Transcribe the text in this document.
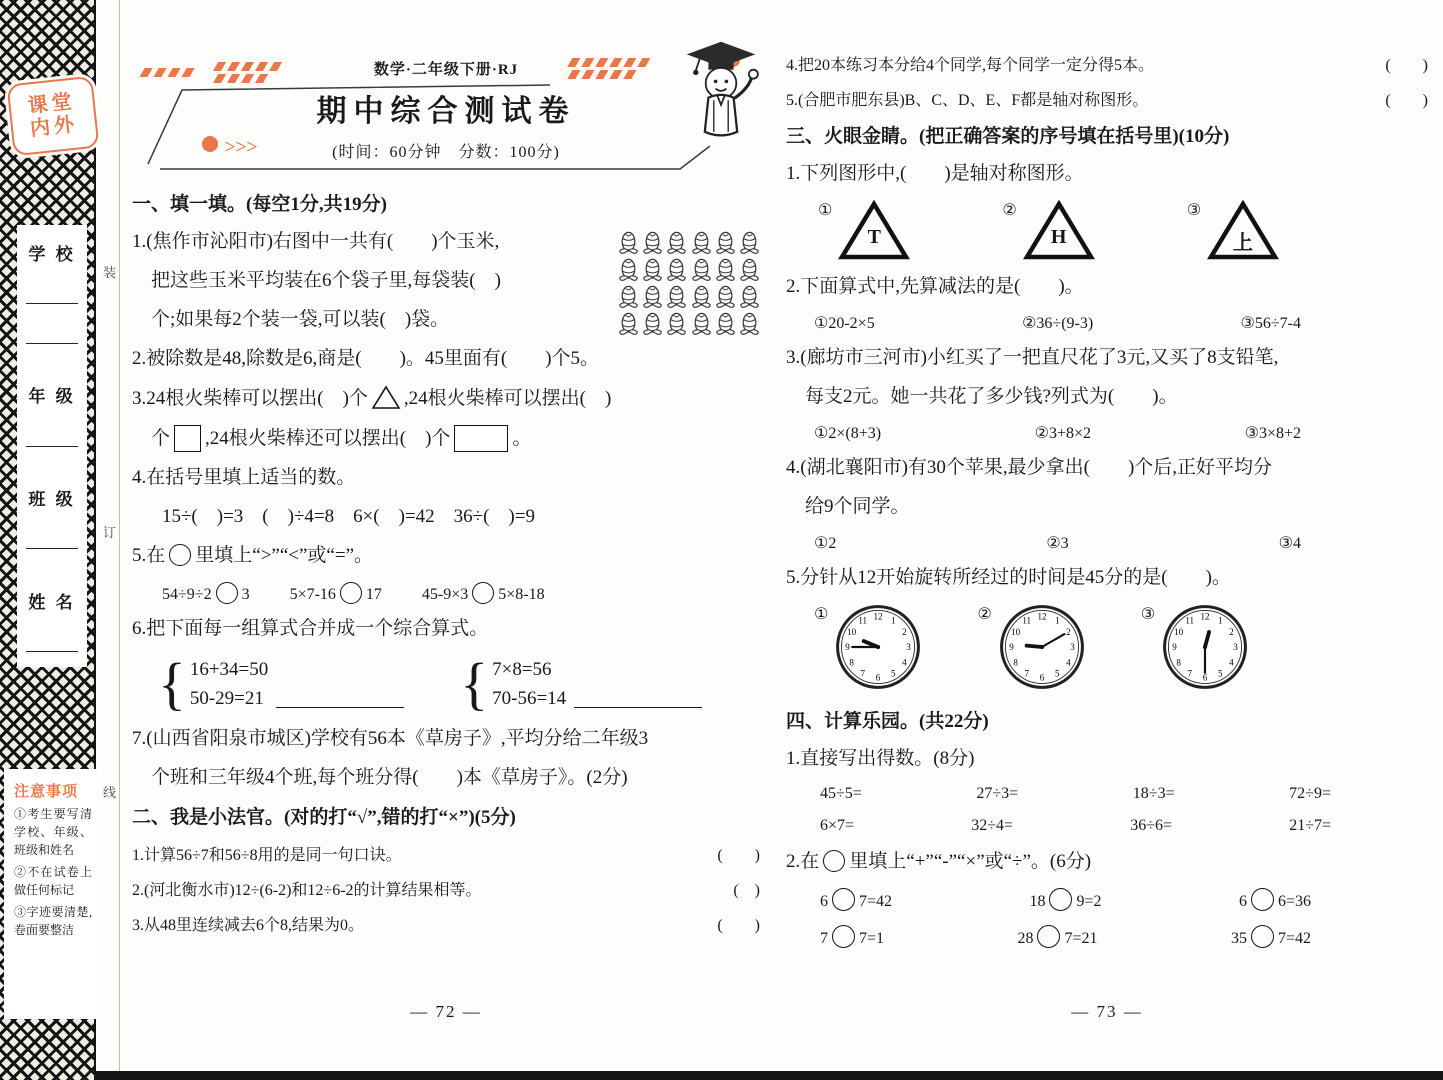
课堂
内外
学 校
年 级
班 级
姓 名
注意事项
①考生要写清学校、年级、班级和姓名
②不在试卷上做任何标记
③字迹要清楚,卷面要整洁
装
订
线
数学·二年级下册·RJ
期中综合测试卷
(时间：60分钟　分数：100分)
＞＞＞
一、填一填。(每空1分,共19分)

1.(焦作市沁阳市)右图中一共有(　　)个玉米,

把这些玉米平均装在6个袋子里,每袋装(　)

个;如果每2个装一袋,可以装(　)袋。

2.被除数是48,除数是6,商是(　　)。45里面有(　　)个5。

3.24根火柴棒可以摆出(　)个 ,24根火柴棒可以摆出(　)

个 ,24根火柴棒还可以摆出(　)个	。

4.在括号里填上适当的数。

15÷(　)=3　(　)÷4=8　6×(　)=42　36÷(　)=9

5.在 里填上“>”“<”或“=”。

54÷9÷2 3	5×7-16 17	45-9×3 5×8-18

6.把下面每一组算式合并成一个综合算式。

{ 16+34=50
50-29=21	{ 7×8=56
70-56=14

7.(山西省阳泉市城区)学校有56本《草房子》,平均分给二年级3

个班和三年级4个班,每个班分得(　　)本《草房子》。(2分)

二、我是小法官。(对的打“√”,错的打“×”)(5分)
1.计算56÷7和56÷8用的是同一句口诀。	(　　)
2.(河北衡水市)12÷(6-2)和12÷6-2的计算结果相等。	(　)
3.从48里连续减去6个8,结果为0。	(　　)
— 72 —
4.把20本练习本分给4个同学,每个同学一定分得5本。	(　　)
5.(合肥市肥东县)B、C、D、E、F都是轴对称图形。	(　　)
三、火眼金睛。(把正确答案的序号填在括号里)(10分)

1.下列图形中,(　　)是轴对称图形。

①
T
②
H
③
上

2.下面算式中,先算减法的是(　　)。

①20-2×5	②36÷(9-3)	③56÷7-4

3.(廊坊市三河市)小红买了一把直尺花了3元,又买了8支铅笔,

每支2元。她一共花了多少钱?列式为(　　)。

①2×(8+3)	②3+8×2	③3×8+2

4.(湖北襄阳市)有30个苹果,最少拿出(　　)个后,正好平均分

给9个同学。

①2	②3	③4

5.分针从12开始旋转所经过的时间是45分的是(　　)。

①	1
2
3
4
5
6
7
8
9
10
11 12	②	1
2
3
4
5
6
7
8
9
10
11 12	③	1
2
3
4
5
6
7
8
9
10
11 12
四、计算乐园。(共22分)

1.直接写出得数。(8分)

45÷5=	27÷3=	18÷3=	72÷9=
6×7=	32÷4=	36÷6=	21÷7=

2.在 里填上“+”“-”“×”或“÷”。(6分)

6 7=42	18 9=2	6 6=36
7 7=1	28 7=21	35 7=42
— 73 —
